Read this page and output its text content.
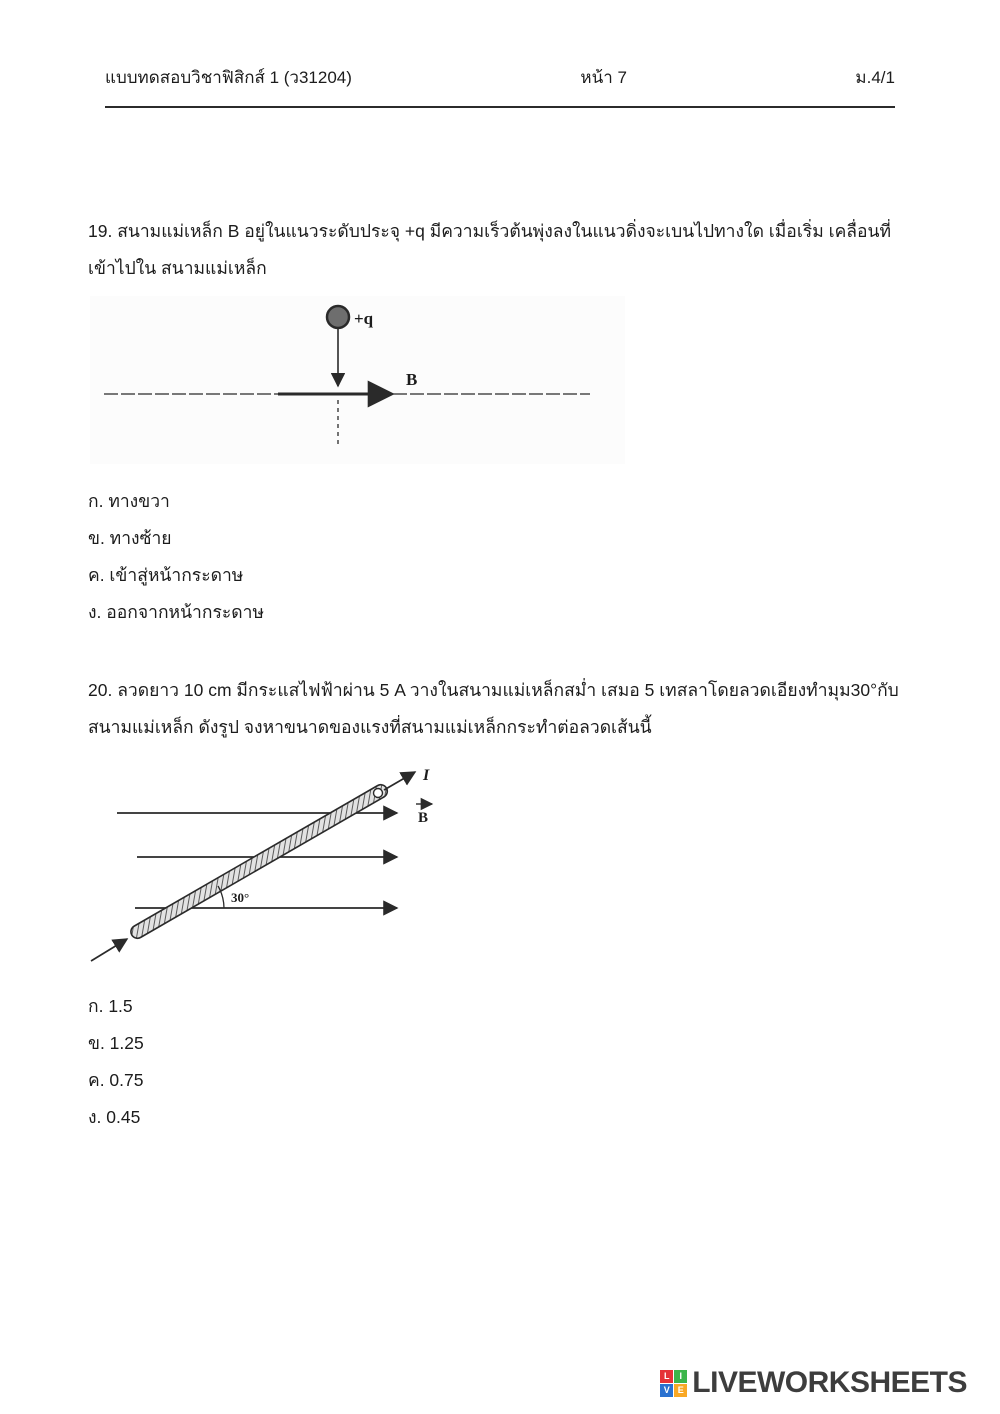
แบบทดสอบวิชาฟิสิกส์ 1 (ว31204)	หน้า 7	ม.4/1
19. สนามแม่เหล็ก B อยู่ในแนวระดับประจุ +q มีความเร็วต้นพุ่งลงในแนวดิ่งจะเบนไปทางใด เมื่อเริ่ม เคลื่อนที่เข้าไปใน สนามแม่เหล็ก
+q
B
ก. ทางขวา
ข. ทางซ้าย
ค. เข้าสู่หน้ากระดาษ
ง. ออกจากหน้ากระดาษ
20. ลวดยาว 10 cm มีกระแสไฟฟ้าผ่าน 5 A วางในสนามแม่เหล็กสม่ำ เสมอ 5 เทสลาโดยลวดเอียงทำมุม30°กับ สนามแม่เหล็ก ดังรูป จงหาขนาดของแรงที่สนามแม่เหล็กกระทำต่อลวดเส้นนี้
B
I
30°
ก. 1.5
ข. 1.25
ค. 0.75
ง. 0.45
L	I
V E LIVEWORKSHEETS
